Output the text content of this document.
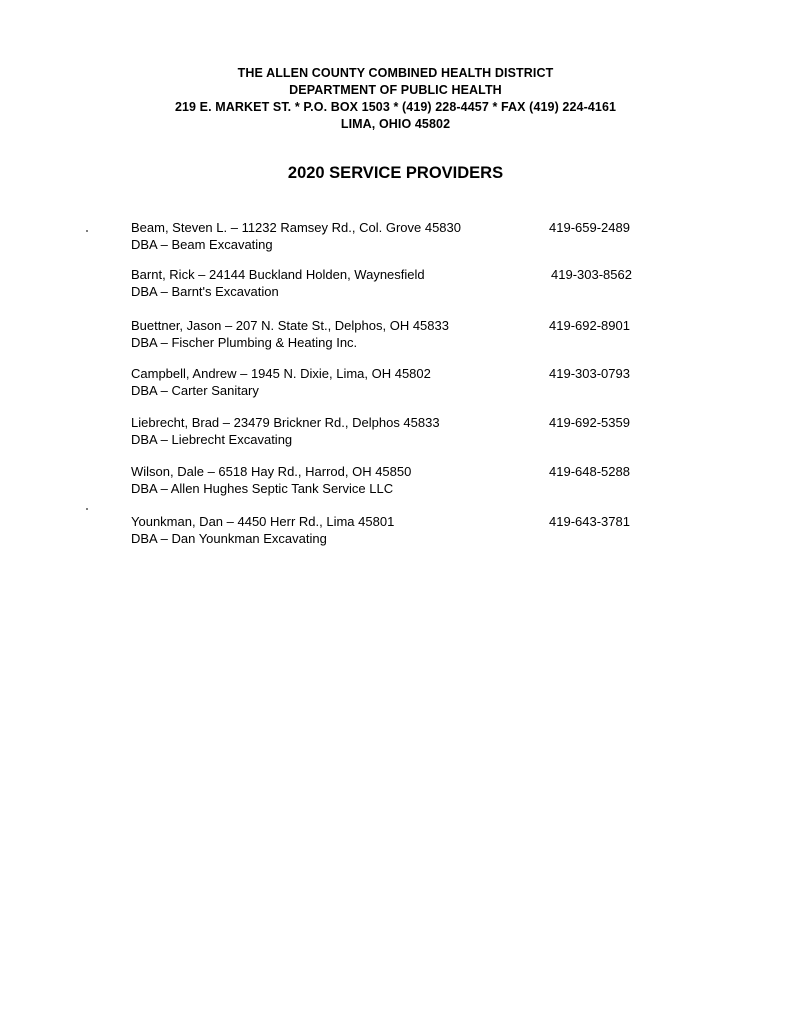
THE ALLEN COUNTY COMBINED HEALTH DISTRICT
DEPARTMENT OF PUBLIC HEALTH
219 E. MARKET ST. * P.O. BOX 1503 * (419) 228-4457 * FAX (419) 224-4161
LIMA, OHIO 45802
2020 SERVICE PROVIDERS
Beam, Steven L. – 11232 Ramsey Rd., Col. Grove 45830
DBA – Beam Excavating
419-659-2489
Barnt, Rick – 24144 Buckland Holden, Waynesfield
DBA – Barnt's Excavation
419-303-8562
Buettner, Jason – 207 N. State St., Delphos, OH 45833
DBA – Fischer Plumbing & Heating Inc.
419-692-8901
Campbell, Andrew – 1945 N. Dixie, Lima, OH 45802
DBA – Carter Sanitary
419-303-0793
Liebrecht, Brad – 23479 Brickner Rd., Delphos 45833
DBA – Liebrecht Excavating
419-692-5359
Wilson, Dale – 6518 Hay Rd., Harrod, OH 45850
DBA – Allen Hughes Septic Tank Service LLC
419-648-5288
Younkman, Dan – 4450 Herr Rd., Lima 45801
DBA – Dan Younkman Excavating
419-643-3781
